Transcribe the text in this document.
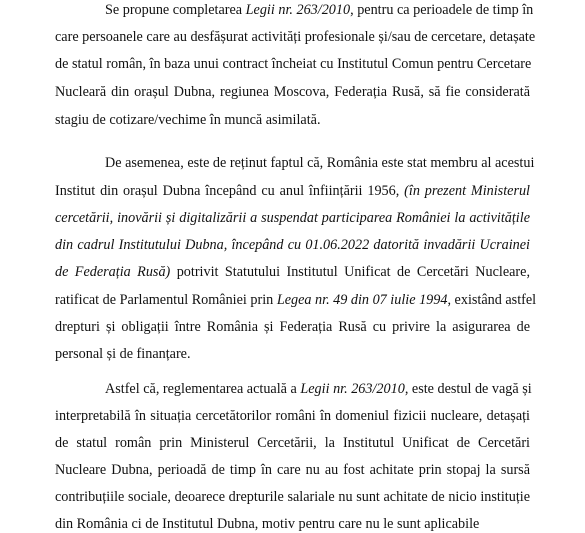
Se propune completarea Legii nr. 263/2010, pentru ca perioadele de timp în
care persoanele care au desfășurat activități profesionale și/sau de cercetare, detașate
de statul român, în baza unui contract încheiat cu Institutul Comun pentru Cercetare
Nucleară din orașul Dubna, regiunea Moscova, Federația Rusă, să fie considerată
stagiu de cotizare/vechime în muncă asimilată.
De asemenea, este de reținut faptul că, România este stat membru al acestui
Institut din orașul Dubna începând cu anul înființării 1956, (în prezent Ministerul
cercetării, inovării și digitalizării a suspendat participarea României la activitățile
din cadrul Institutului Dubna, începând cu 01.06.2022 datorită invadării Ucrainei
de Federația Rusă) potrivit Statutului Institutul Unificat de Cercetări Nucleare,
ratificat de Parlamentul României prin Legea nr. 49 din 07 iulie 1994, existând astfel
drepturi și obligații între România și Federația Rusă cu privire la asigurarea de
personal și de finanțare.
Astfel că, reglementarea actuală a Legii nr. 263/2010, este destul de vagă și
interpretabilă în situația cercetătorilor români în domeniul fizicii nucleare, detașați
de statul român prin Ministerul Cercetării, la Institutul Unificat de Cercetări
Nucleare Dubna, perioadă de timp în care nu au fost achitate prin stopaj la sursă
contribuțiile sociale, deoarece drepturile salariale nu sunt achitate de nicio instituție
din România ci de Institutul Dubna, motiv pentru care nu le sunt aplicabile
